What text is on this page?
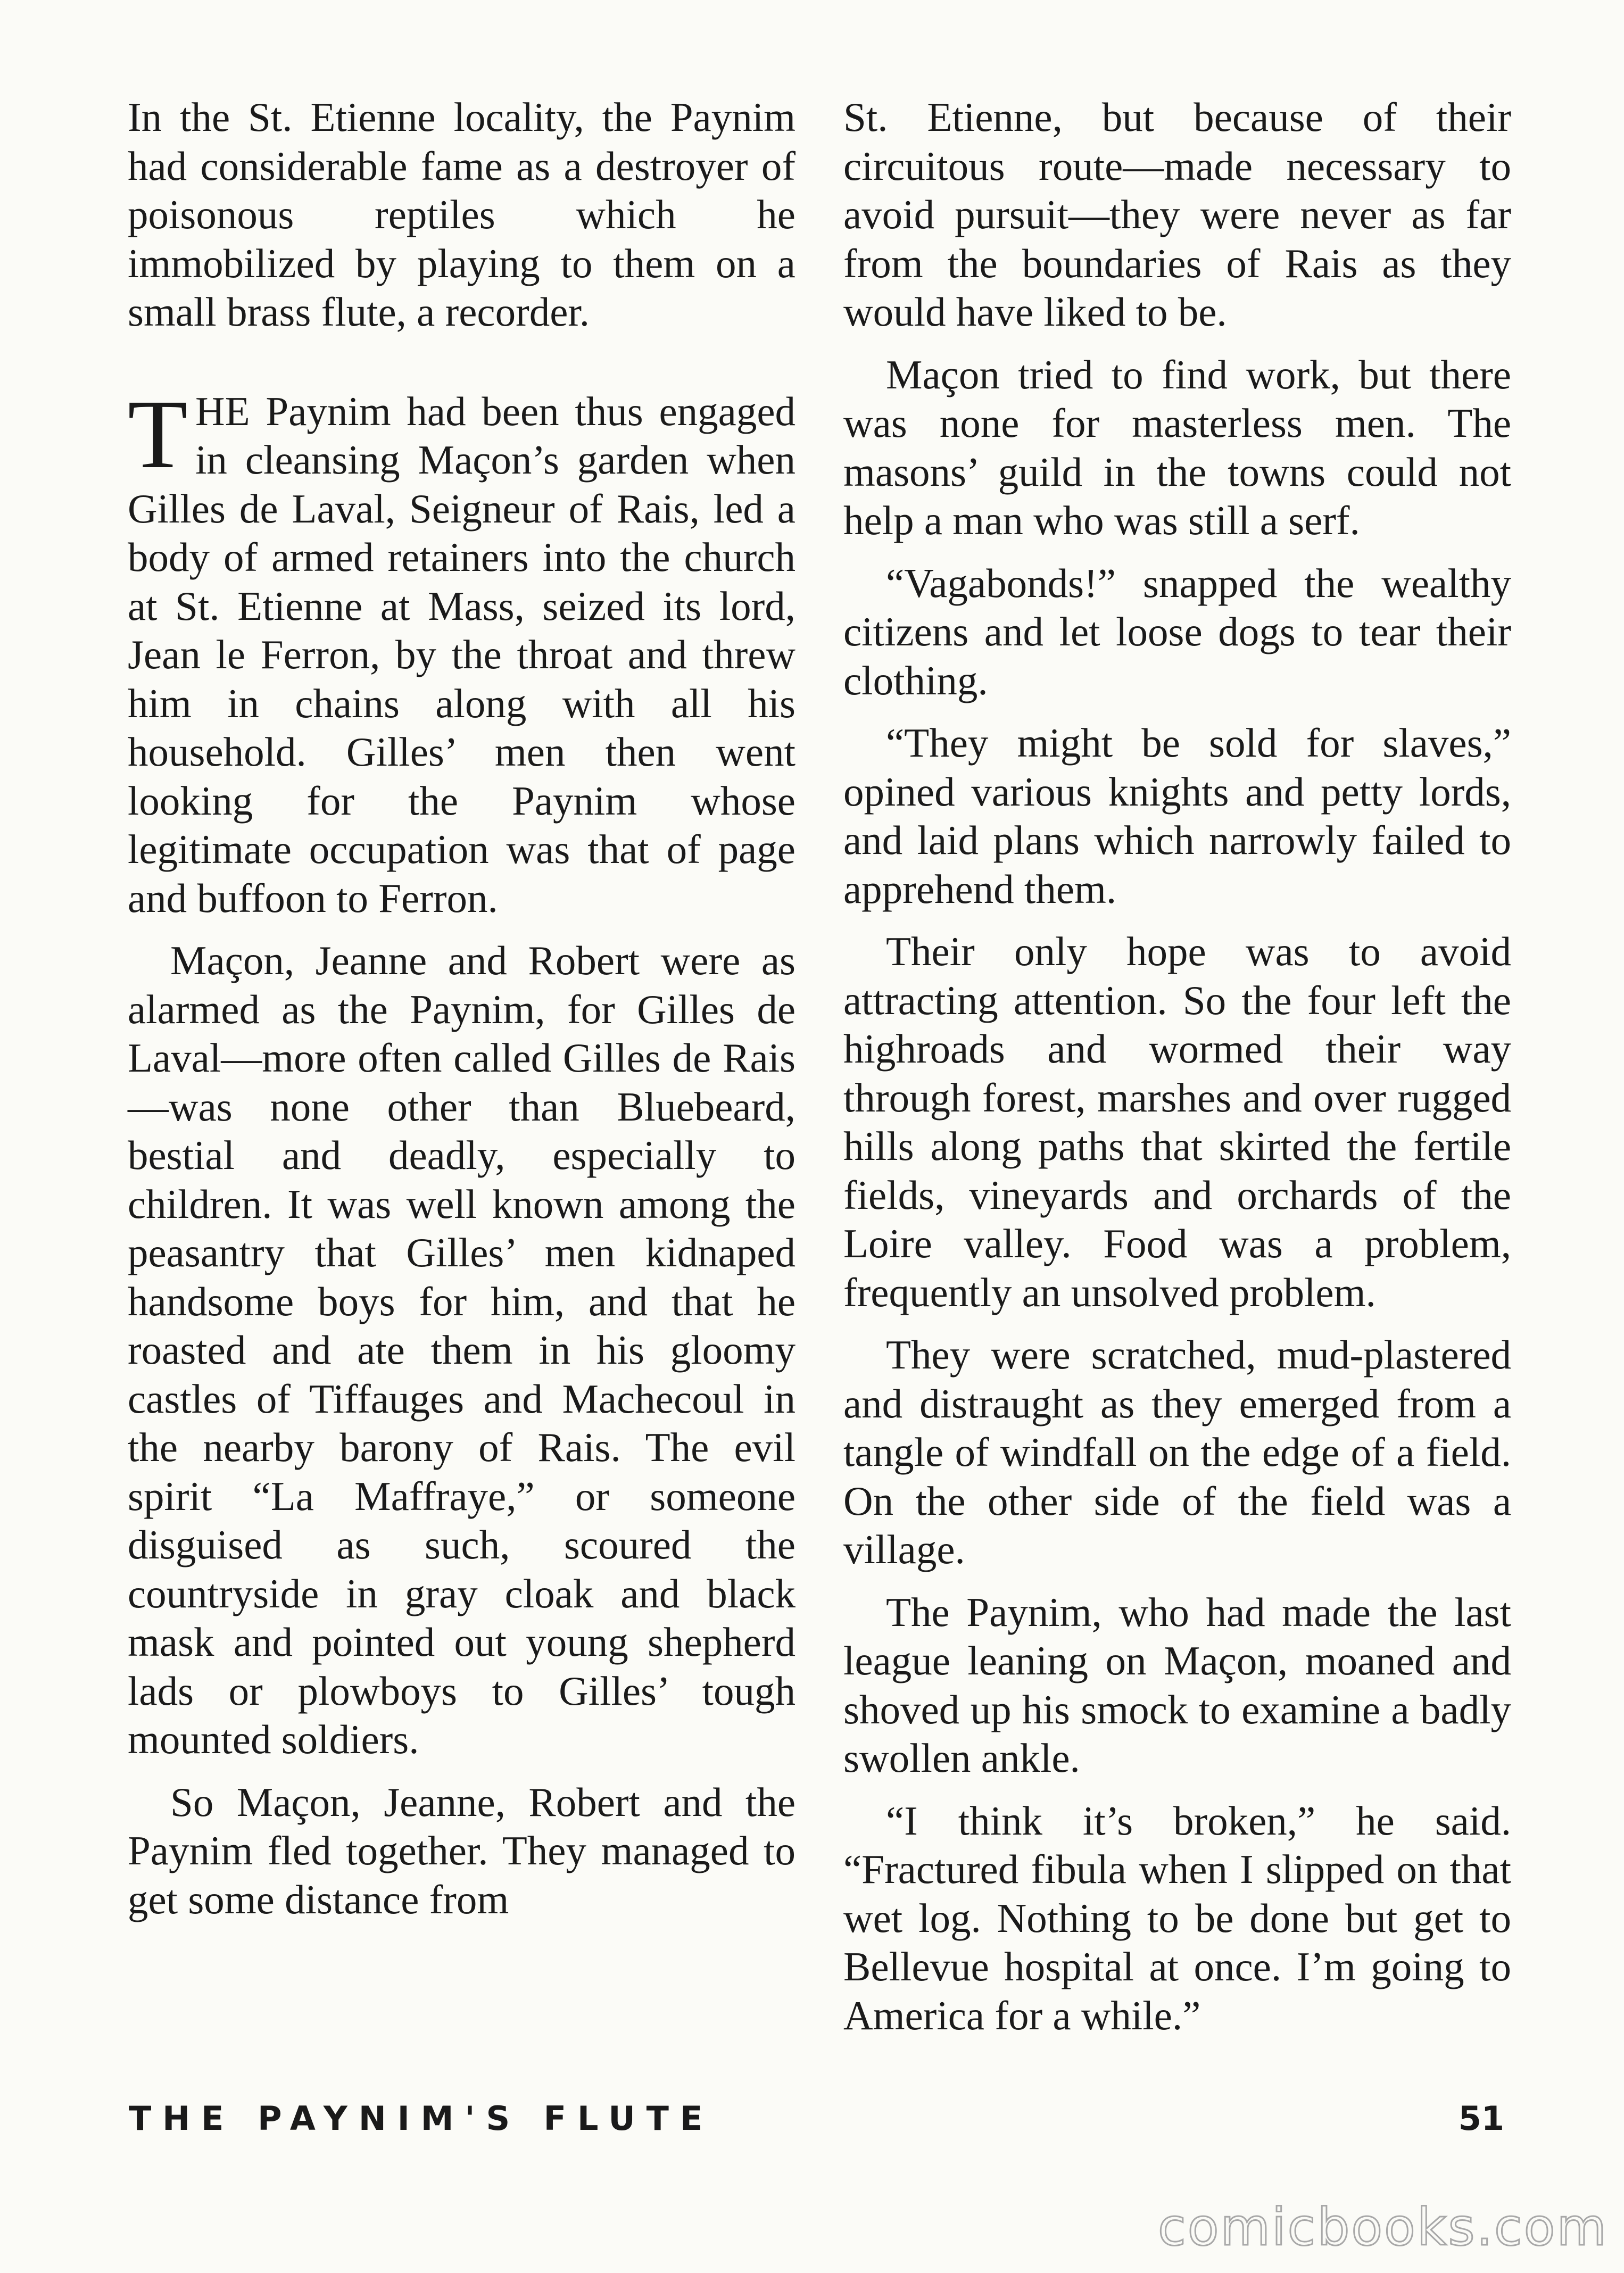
In the St. Etienne locality, the Paynim had considerable fame as a destroyer of poisonous reptiles which he immobilized by playing to them on a small brass flute, a recorder.

THE Paynim had been thus engaged in cleansing Maçon’s garden when Gilles de Laval, Seigneur of Rais, led a body of armed retainers into the church at St. Etienne at Mass, seized its lord, Jean le Ferron, by the throat and threw him in chains along with all his household. Gilles’ men then went looking for the Paynim whose legitimate occupation was that of page and buffoon to Ferron.

Maçon, Jeanne and Robert were as alarmed as the Paynim, for Gilles de Laval—more often called Gilles de Rais—was none other than Bluebeard, bestial and deadly, especially to children. It was well known among the peasantry that Gilles’ men kidnaped handsome boys for him, and that he roasted and ate them in his gloomy castles of Tiffauges and Machecoul in the nearby barony of Rais. The evil spirit “La Maffraye,” or someone disguised as such, scoured the countryside in gray cloak and black mask and pointed out young shepherd lads or plowboys to Gilles’ tough mounted soldiers.

So Maçon, Jeanne, Robert and the Paynim fled together. They managed to get some distance from

St. Etienne, but because of their circuitous route—made necessary to avoid pursuit—they were never as far from the boundaries of Rais as they would have liked to be.

Maçon tried to find work, but there was none for masterless men. The masons’ guild in the towns could not help a man who was still a serf.

“Vagabonds!” snapped the wealthy citizens and let loose dogs to tear their clothing.

“They might be sold for slaves,” opined various knights and petty lords, and laid plans which narrowly failed to apprehend them.

Their only hope was to avoid attracting attention. So the four left the highroads and wormed their way through forest, marshes and over rugged hills along paths that skirted the fertile fields, vineyards and orchards of the Loire valley. Food was a problem, frequently an unsolved problem.

They were scratched, mud-plastered and distraught as they emerged from a tangle of windfall on the edge of a field. On the other side of the field was a village.

The Paynim, who had made the last league leaning on Maçon, moaned and shoved up his smock to examine a badly swollen ankle.

“I think it’s broken,” he said. “Fractured fibula when I slipped on that wet log. Nothing to be done but get to Bellevue hospital at once. I’m going to America for a while.”

THE PAYNIM'S FLUTE	51
comicbooks.com
